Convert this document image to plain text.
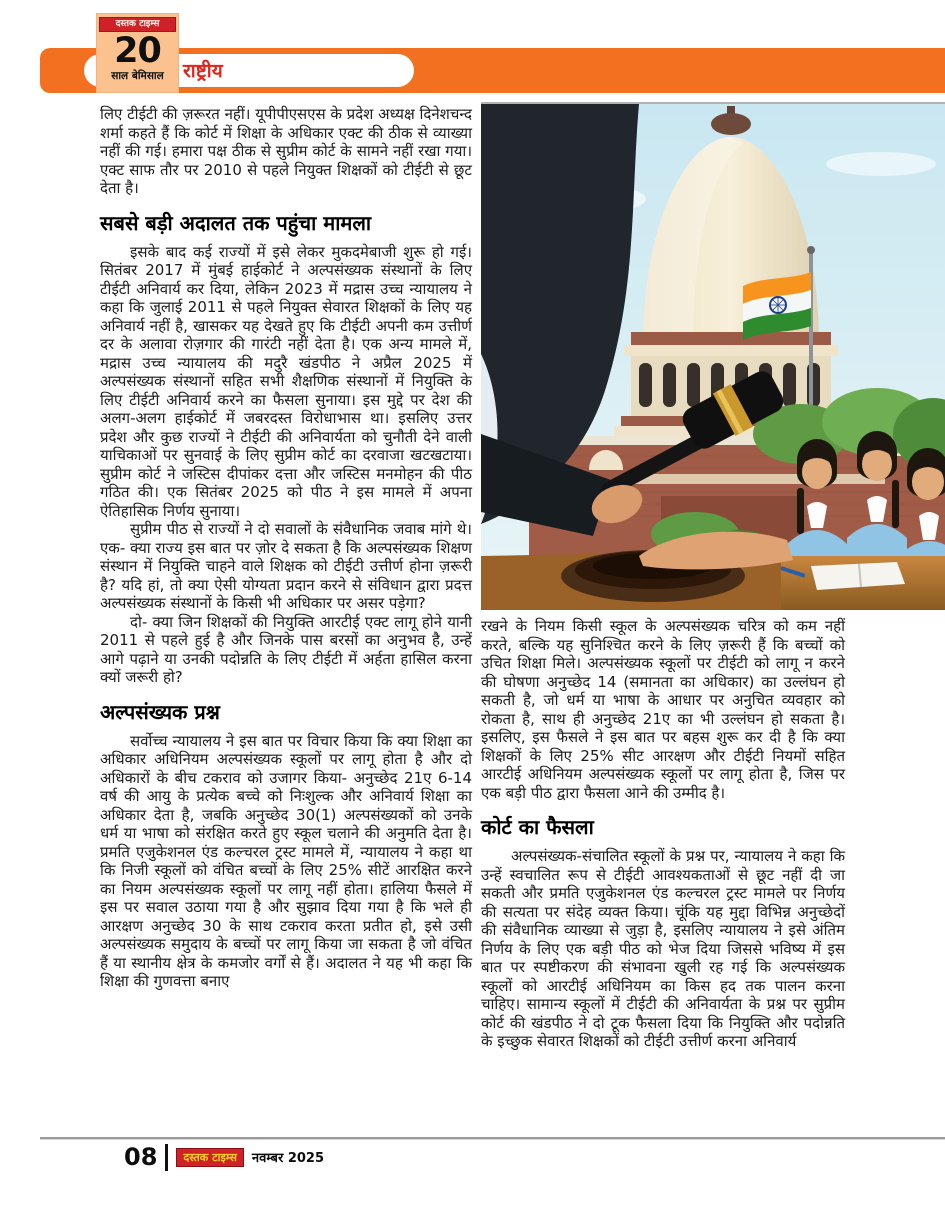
राष्ट्रीय
दस्तक टाइम्स
20
साल बेमिसाल

लिए टीईटी की ज़रूरत नहीं। यूपीपीएसएस के प्रदेश अध्यक्ष दिनेशचन्द शर्मा कहते हैं कि कोर्ट में शिक्षा के अधिकार एक्ट की ठीक से व्याख्या नहीं की गई। हमारा पक्ष ठीक से सुप्रीम कोर्ट के सामने नहीं रखा गया। एक्ट साफ तौर पर 2010 से पहले नियुक्त शिक्षकों को टीईटी से छूट देता है।

सबसे बड़ी अदालत तक पहुंचा मामला

इसके बाद कई राज्यों में इसे लेकर मुकदमेबाजी शुरू हो गई। सितंबर 2017 में मुंबई हाईकोर्ट ने अल्पसंख्यक संस्थानों के लिए टीईटी अनिवार्य कर दिया, लेकिन 2023 में मद्रास उच्च न्यायालय ने कहा कि जुलाई 2011 से पहले नियुक्त सेवारत शिक्षकों के लिए यह अनिवार्य नहीं है, खासकर यह देखते हुए कि टीईटी अपनी कम उत्तीर्ण दर के अलावा रोज़गार की गारंटी नहीं देता है। एक अन्य मामले में, मद्रास उच्च न्यायालय की मदुरै खंडपीठ ने अप्रैल 2025 में अल्पसंख्यक संस्थानों सहित सभी शैक्षणिक संस्थानों में नियुक्ति के लिए टीईटी अनिवार्य करने का फैसला सुनाया। इस मुद्दे पर देश की अलग-अलग हाईकोर्ट में जबरदस्त विरोधाभास था। इसलिए उत्तर प्रदेश और कुछ राज्यों ने टीईटी की अनिवार्यता को चुनौती देने वाली याचिकाओं पर सुनवाई के लिए सुप्रीम कोर्ट का दरवाजा खटखटाया। सुप्रीम कोर्ट ने जस्टिस दीपांकर दत्ता और जस्टिस मनमोहन की पीठ गठित की। एक सितंबर 2025 को पीठ ने इस मामले में अपना ऐतिहासिक निर्णय सुनाया।

सुप्रीम पीठ से राज्यों ने दो सवालों के संवैधानिक जवाब मांगे थे। एक- क्या राज्य इस बात पर ज़ोर दे सकता है कि अल्पसंख्यक शिक्षण संस्थान में नियुक्ति चाहने वाले शिक्षक को टीईटी उत्तीर्ण होना ज़रूरी है? यदि हां, तो क्या ऐसी योग्यता प्रदान करने से संविधान द्वारा प्रदत्त अल्पसंख्यक संस्थानों के किसी भी अधिकार पर असर पड़ेगा?

दो- क्या जिन शिक्षकों की नियुक्ति आरटीई एक्ट लागू होने यानी 2011 से पहले हुई है और जिनके पास बरसों का अनुभव है, उन्हें आगे पढ़ाने या उनकी पदोन्नति के लिए टीईटी में अर्हता हासिल करना क्यों जरूरी हो?

अल्पसंख्यक प्रश्न

सर्वोच्च न्यायालय ने इस बात पर विचार किया कि क्या शिक्षा का अधिकार अधिनियम अल्पसंख्यक स्कूलों पर लागू होता है और दो अधिकारों के बीच टकराव को उजागर किया- अनुच्छेद 21ए 6-14 वर्ष की आयु के प्रत्येक बच्चे को निःशुल्क और अनिवार्य शिक्षा का अधिकार देता है, जबकि अनुच्छेद 30(1) अल्पसंख्यकों को उनके धर्म या भाषा को संरक्षित करते हुए स्कूल चलाने की अनुमति देता है। प्रमति एजुकेशनल एंड कल्चरल ट्रस्ट मामले में, न्यायालय ने कहा था कि निजी स्कूलों को वंचित बच्चों के लिए 25% सीटें आरक्षित करने का नियम अल्पसंख्यक स्कूलों पर लागू नहीं होता। हालिया फैसले में इस पर सवाल उठाया गया है और सुझाव दिया गया है कि भले ही आरक्षण अनुच्छेद 30 के साथ टकराव करता प्रतीत हो, इसे उसी अल्पसंख्यक समुदाय के बच्चों पर लागू किया जा सकता है जो वंचित हैं या स्थानीय क्षेत्र के कमजोर वर्गों से हैं। अदालत ने यह भी कहा कि शिक्षा की गुणवत्ता बनाए

रखने के नियम किसी स्कूल के अल्पसंख्यक चरित्र को कम नहीं करते, बल्कि यह सुनिश्चित करने के लिए ज़रूरी हैं कि बच्चों को उचित शिक्षा मिले। अल्पसंख्यक स्कूलों पर टीईटी को लागू न करने की घोषणा अनुच्छेद 14 (समानता का अधिकार) का उल्लंघन हो सकती है, जो धर्म या भाषा के आधार पर अनुचित व्यवहार को रोकता है, साथ ही अनुच्छेद 21ए का भी उल्लंघन हो सकता है। इसलिए, इस फैसले ने इस बात पर बहस शुरू कर दी है कि क्या शिक्षकों के लिए 25% सीट आरक्षण और टीईटी नियमों सहित आरटीई अधिनियम अल्पसंख्यक स्कूलों पर लागू होता है, जिस पर एक बड़ी पीठ द्वारा फैसला आने की उम्मीद है।

कोर्ट का फैसला

अल्पसंख्यक-संचालित स्कूलों के प्रश्न पर, न्यायालय ने कहा कि उन्हें स्वचालित रूप से टीईटी आवश्यकताओं से छूट नहीं दी जा सकती और प्रमति एजुकेशनल एंड कल्चरल ट्रस्ट मामले पर निर्णय की सत्यता पर संदेह व्यक्त किया। चूंकि यह मुद्दा विभिन्न अनुच्छेदों की संवैधानिक व्याख्या से जुड़ा है, इसलिए न्यायालय ने इसे अंतिम निर्णय के लिए एक बड़ी पीठ को भेज दिया जिससे भविष्य में इस बात पर स्पष्टीकरण की संभावना खुली रह गई कि अल्पसंख्यक स्कूलों को आरटीई अधिनियम का किस हद तक पालन करना चाहिए। सामान्य स्कूलों में टीईटी की अनिवार्यता के प्रश्न पर सुप्रीम कोर्ट की खंडपीठ ने दो टूक फैसला दिया कि नियुक्ति और पदोन्नति के इच्छुक सेवारत शिक्षकों को टीईटी उत्तीर्ण करना अनिवार्य

08	दस्तक टाइम्स	नवम्बर 2025
